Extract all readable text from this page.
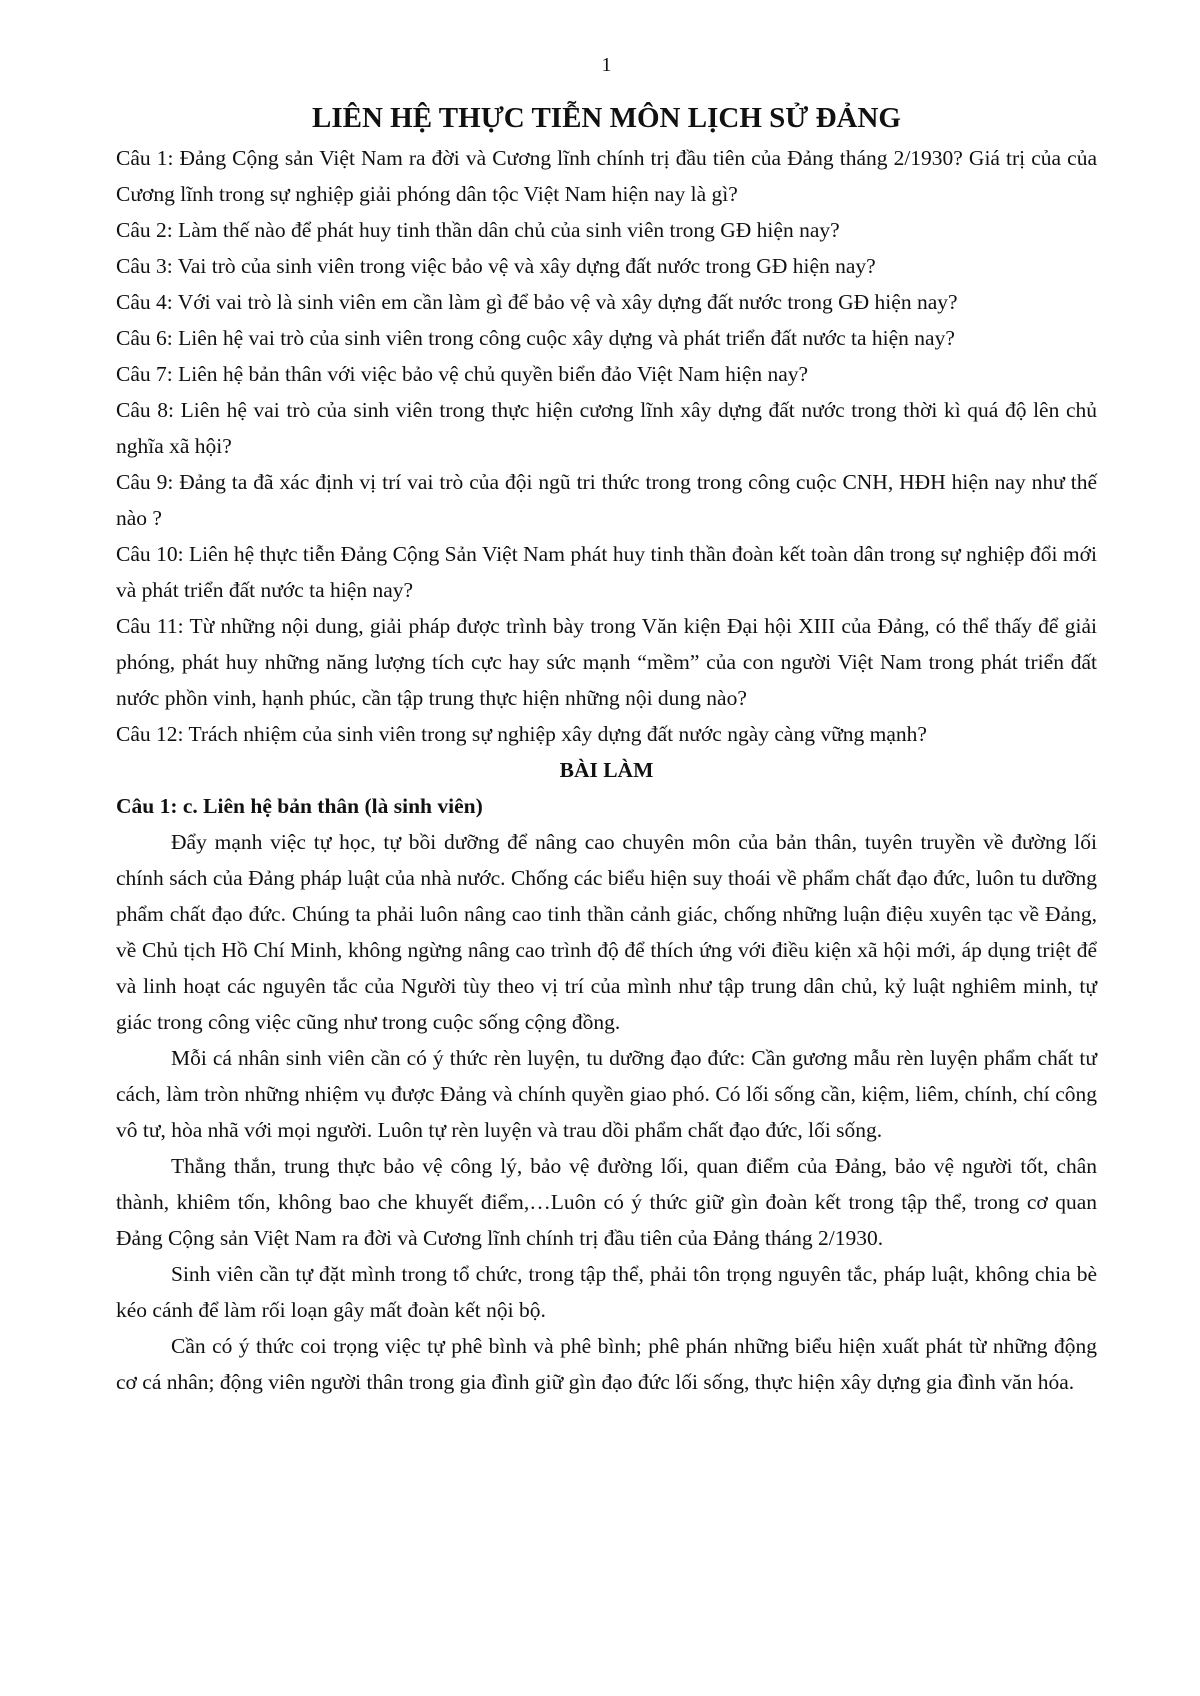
1
LIÊN HỆ THỰC TIỄN MÔN LỊCH SỬ ĐẢNG

Câu 1: Đảng Cộng sản Việt Nam ra đời và Cương lĩnh chính trị đầu tiên của Đảng tháng 2/1930? Giá trị của của Cương lĩnh trong sự nghiệp giải phóng dân tộc Việt Nam hiện nay là gì?

Câu 2: Làm thế nào để phát huy tinh thần dân chủ của sinh viên trong GĐ hiện nay?

Câu 3: Vai trò của sinh viên trong việc bảo vệ và xây dựng đất nước trong GĐ hiện nay?

Câu 4: Với vai trò là sinh viên em cần làm gì để bảo vệ và xây dựng đất nước trong GĐ hiện nay?

Câu 6: Liên hệ vai trò của sinh viên trong công cuộc xây dựng và phát triển đất nước ta hiện nay?

Câu 7: Liên hệ bản thân với việc bảo vệ chủ quyền biển đảo Việt Nam hiện nay?

Câu 8: Liên hệ vai trò của sinh viên trong thực hiện cương lĩnh xây dựng đất nước trong thời kì quá độ lên chủ nghĩa xã hội?

Câu 9: Đảng ta đã xác định vị trí vai trò của đội ngũ tri thức trong trong công cuộc CNH, HĐH hiện nay như thế nào ?

Câu 10: Liên hệ thực tiễn Đảng Cộng Sản Việt Nam phát huy tinh thần đoàn kết toàn dân trong sự nghiệp đổi mới và phát triển đất nước ta hiện nay?

Câu 11: Từ những nội dung, giải pháp được trình bày trong Văn kiện Đại hội XIII của Đảng, có thể thấy để giải phóng, phát huy những năng lượng tích cực hay sức mạnh “mềm” của con người Việt Nam trong phát triển đất nước phồn vinh, hạnh phúc, cần tập trung thực hiện những nội dung nào?

Câu 12: Trách nhiệm của sinh viên trong sự nghiệp xây dựng đất nước ngày càng vững mạnh?

BÀI LÀM

Câu 1: c. Liên hệ bản thân (là sinh viên)

Đẩy mạnh việc tự học, tự bồi dưỡng để nâng cao chuyên môn của bản thân, tuyên truyền về đường lối chính sách của Đảng pháp luật của nhà nước. Chống các biểu hiện suy thoái về phẩm chất đạo đức, luôn tu dưỡng phẩm chất đạo đức. Chúng ta phải luôn nâng cao tinh thần cảnh giác, chống những luận điệu xuyên tạc về Đảng, về Chủ tịch Hồ Chí Minh, không ngừng nâng cao trình độ để thích ứng với điều kiện xã hội mới, áp dụng triệt để và linh hoạt các nguyên tắc của Người tùy theo vị trí của mình như tập trung dân chủ, kỷ luật nghiêm minh, tự giác trong công việc cũng như trong cuộc sống cộng đồng.

Mỗi cá nhân sinh viên cần có ý thức rèn luyện, tu dưỡng đạo đức: Cần gương mẫu rèn luyện phẩm chất tư cách, làm tròn những nhiệm vụ được Đảng và chính quyền giao phó. Có lối sống cần, kiệm, liêm, chính, chí công vô tư, hòa nhã với mọi người. Luôn tự rèn luyện và trau dồi phẩm chất đạo đức, lối sống.

Thẳng thắn, trung thực bảo vệ công lý, bảo vệ đường lối, quan điểm của Đảng, bảo vệ người tốt, chân thành, khiêm tốn, không bao che khuyết điểm,…Luôn có ý thức giữ gìn đoàn kết trong tập thể, trong cơ quan Đảng Cộng sản Việt Nam ra đời và Cương lĩnh chính trị đầu tiên của Đảng tháng 2/1930.

Sinh viên cần tự đặt mình trong tổ chức, trong tập thể, phải tôn trọng nguyên tắc, pháp luật, không chia bè kéo cánh để làm rối loạn gây mất đoàn kết nội bộ.

Cần có ý thức coi trọng việc tự phê bình và phê bình; phê phán những biểu hiện xuất phát từ những động cơ cá nhân; động viên người thân trong gia đình giữ gìn đạo đức lối sống, thực hiện xây dựng gia đình văn hóa.
